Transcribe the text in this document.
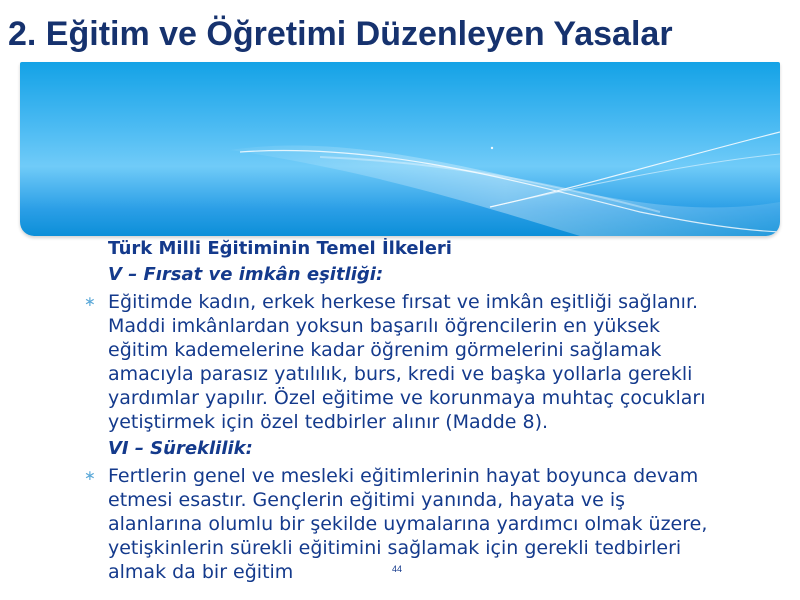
2. Eğitim ve Öğretimi Düzenleyen Yasalar
Türk Milli Eğitiminin Temel İlkeleri
V – Fırsat ve imkân eşitliği:
∗ Eğitimde kadın, erkek herkese fırsat ve imkân eşitliği sağlanır. Maddi imkânlardan yoksun başarılı öğrencilerin en yüksek eğitim kademelerine kadar öğrenim görmelerini sağlamak amacıyla parasız yatılılık, burs, kredi ve başka yollarla gerekli yardımlar yapılır. Özel eğitime ve korunmaya muhtaç çocukları yetiştirmek için özel tedbirler alınır (Madde 8).
VI – Süreklilik:
∗ Fertlerin genel ve mesleki eğitimlerinin hayat boyunca devam etmesi esastır. Gençlerin eğitimi yanında, hayata ve iş alanlarına olumlu bir şekilde uymalarına yardımcı olmak üzere, yetişkinlerin sürekli eğitimini sağlamak için gerekli tedbirleri almak da bir eğitim	44
